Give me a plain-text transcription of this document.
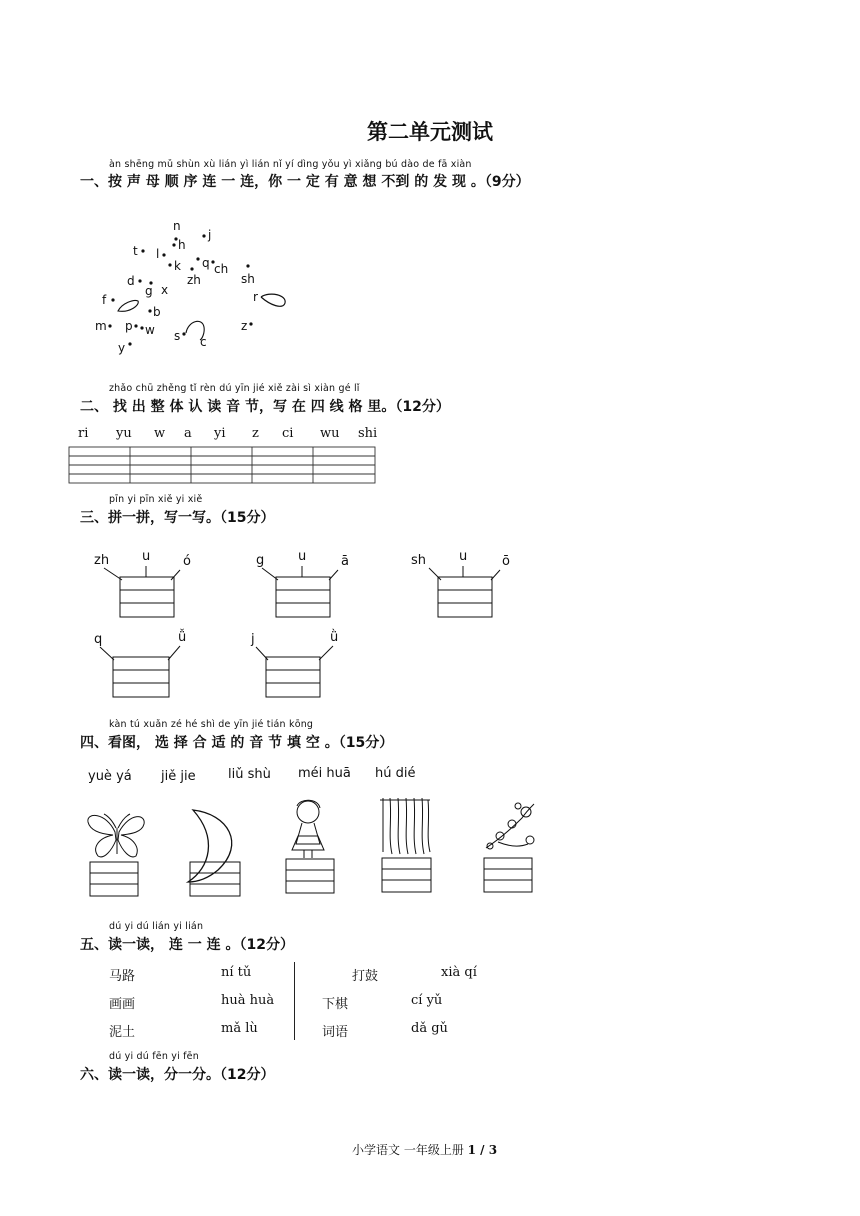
第二单元测试
àn shēng mǔ shùn xù lián yì lián nǐ yí dìng yǒu yì xiǎng bú dào de fā xiàn
一、按 声 母 顺 序 连 一 连，你 一 定 有 意 想 不到 的 发 现 。（9分）
n
h
j
t l
k q ch
zh	sh
d
g x	r
f
b
m p w	z
s c
y
zhǎo chū zhěng tǐ rèn dú yīn jié xiě zài sì xiàn gé lǐ
二、 找 出 整 体 认 读 音 节，写 在 四 线 格 里。（12分）
ri yu w a yi z ci wu shi
pīn yi pīn xiě yi xiě
三、拼一拼，写一写。（15分）
zh	u	ó	g	u	ā	sh	u	ō
q	ǚ	j	ǜ
kàn tú xuǎn zé hé shì de yīn jié tián kōng
四、看图， 选 择 合 适 的 音 节 填 空 。（15分）
yuè yá jiě jie liǔ shù méi huā hú dié
dú yi dú lián yi lián
五、读一读， 连 一 连 。（12分）
马路
画画
泥土
ní tǔ
huà huà
mǎ lù
打鼓
下棋
词语
xià qí
cí yǔ
dǎ gǔ
dú yi dú fēn yi fēn
六、读一读，分一分。（12分）
小学语文 一年级上册 1 / 3
